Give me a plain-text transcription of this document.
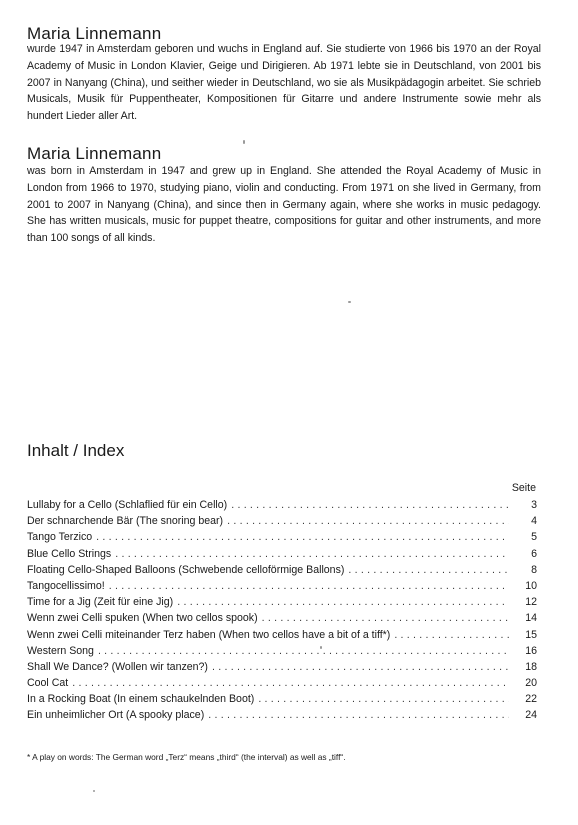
Maria Linnemann

wurde 1947 in Amsterdam geboren und wuchs in England auf. Sie studierte von 1966 bis 1970 an der Royal Academy of Music in London Klavier, Geige und Dirigieren. Ab 1971 lebte sie in Deutschland, von 2001 bis 2007 in Nanyang (China), und seither wieder in Deutschland, wo sie als Musikpädagogin arbeitet. Sie schrieb Musicals, Musik für Puppentheater, Kompositionen für Gitarre und andere Instrumente sowie mehr als hundert Lieder aller Art.

Maria Linnemann

was born in Amsterdam in 1947 and grew up in England. She attended the Royal Academy of Music in London from 1966 to 1970, studying piano, violin and conducting. From 1971 on she lived in Germany, from 2001 to 2007 in Nanyang (China), and since then in Germany again, where she works in music pedagogy. She has written musicals, music for puppet theatre, compositions for guitar and other instruments, and more than 100 songs of all kinds.

Inhalt / Index
Seite
Lullaby for a Cello (Schlaflied für ein Cello) .....	3
Der schnarchende Bär (The snoring bear) .....	4
Tango Terzico .....	5
Blue Cello Strings .....	6
Floating Cello-Shaped Balloons (Schwebende celloförmige Ballons) .....	8
Tangocellissimo! .....	10
Time for a Jig (Zeit für eine Jig) .....	12
Wenn zwei Celli spuken (When two cellos spook) .....	14
Wenn zwei Celli miteinander Terz haben (When two cellos have a bit of a tiff*) .....	15
Western Song .....	16
Shall We Dance? (Wollen wir tanzen?) .....	18
Cool Cat .....	20
In a Rocking Boat (In einem schaukelnden Boot) .....	22
Ein unheimlicher Ort (A spooky place) .....	24

* A play on words: The German word „Terz“ means „third“ (the interval) as well as „tiff“.
